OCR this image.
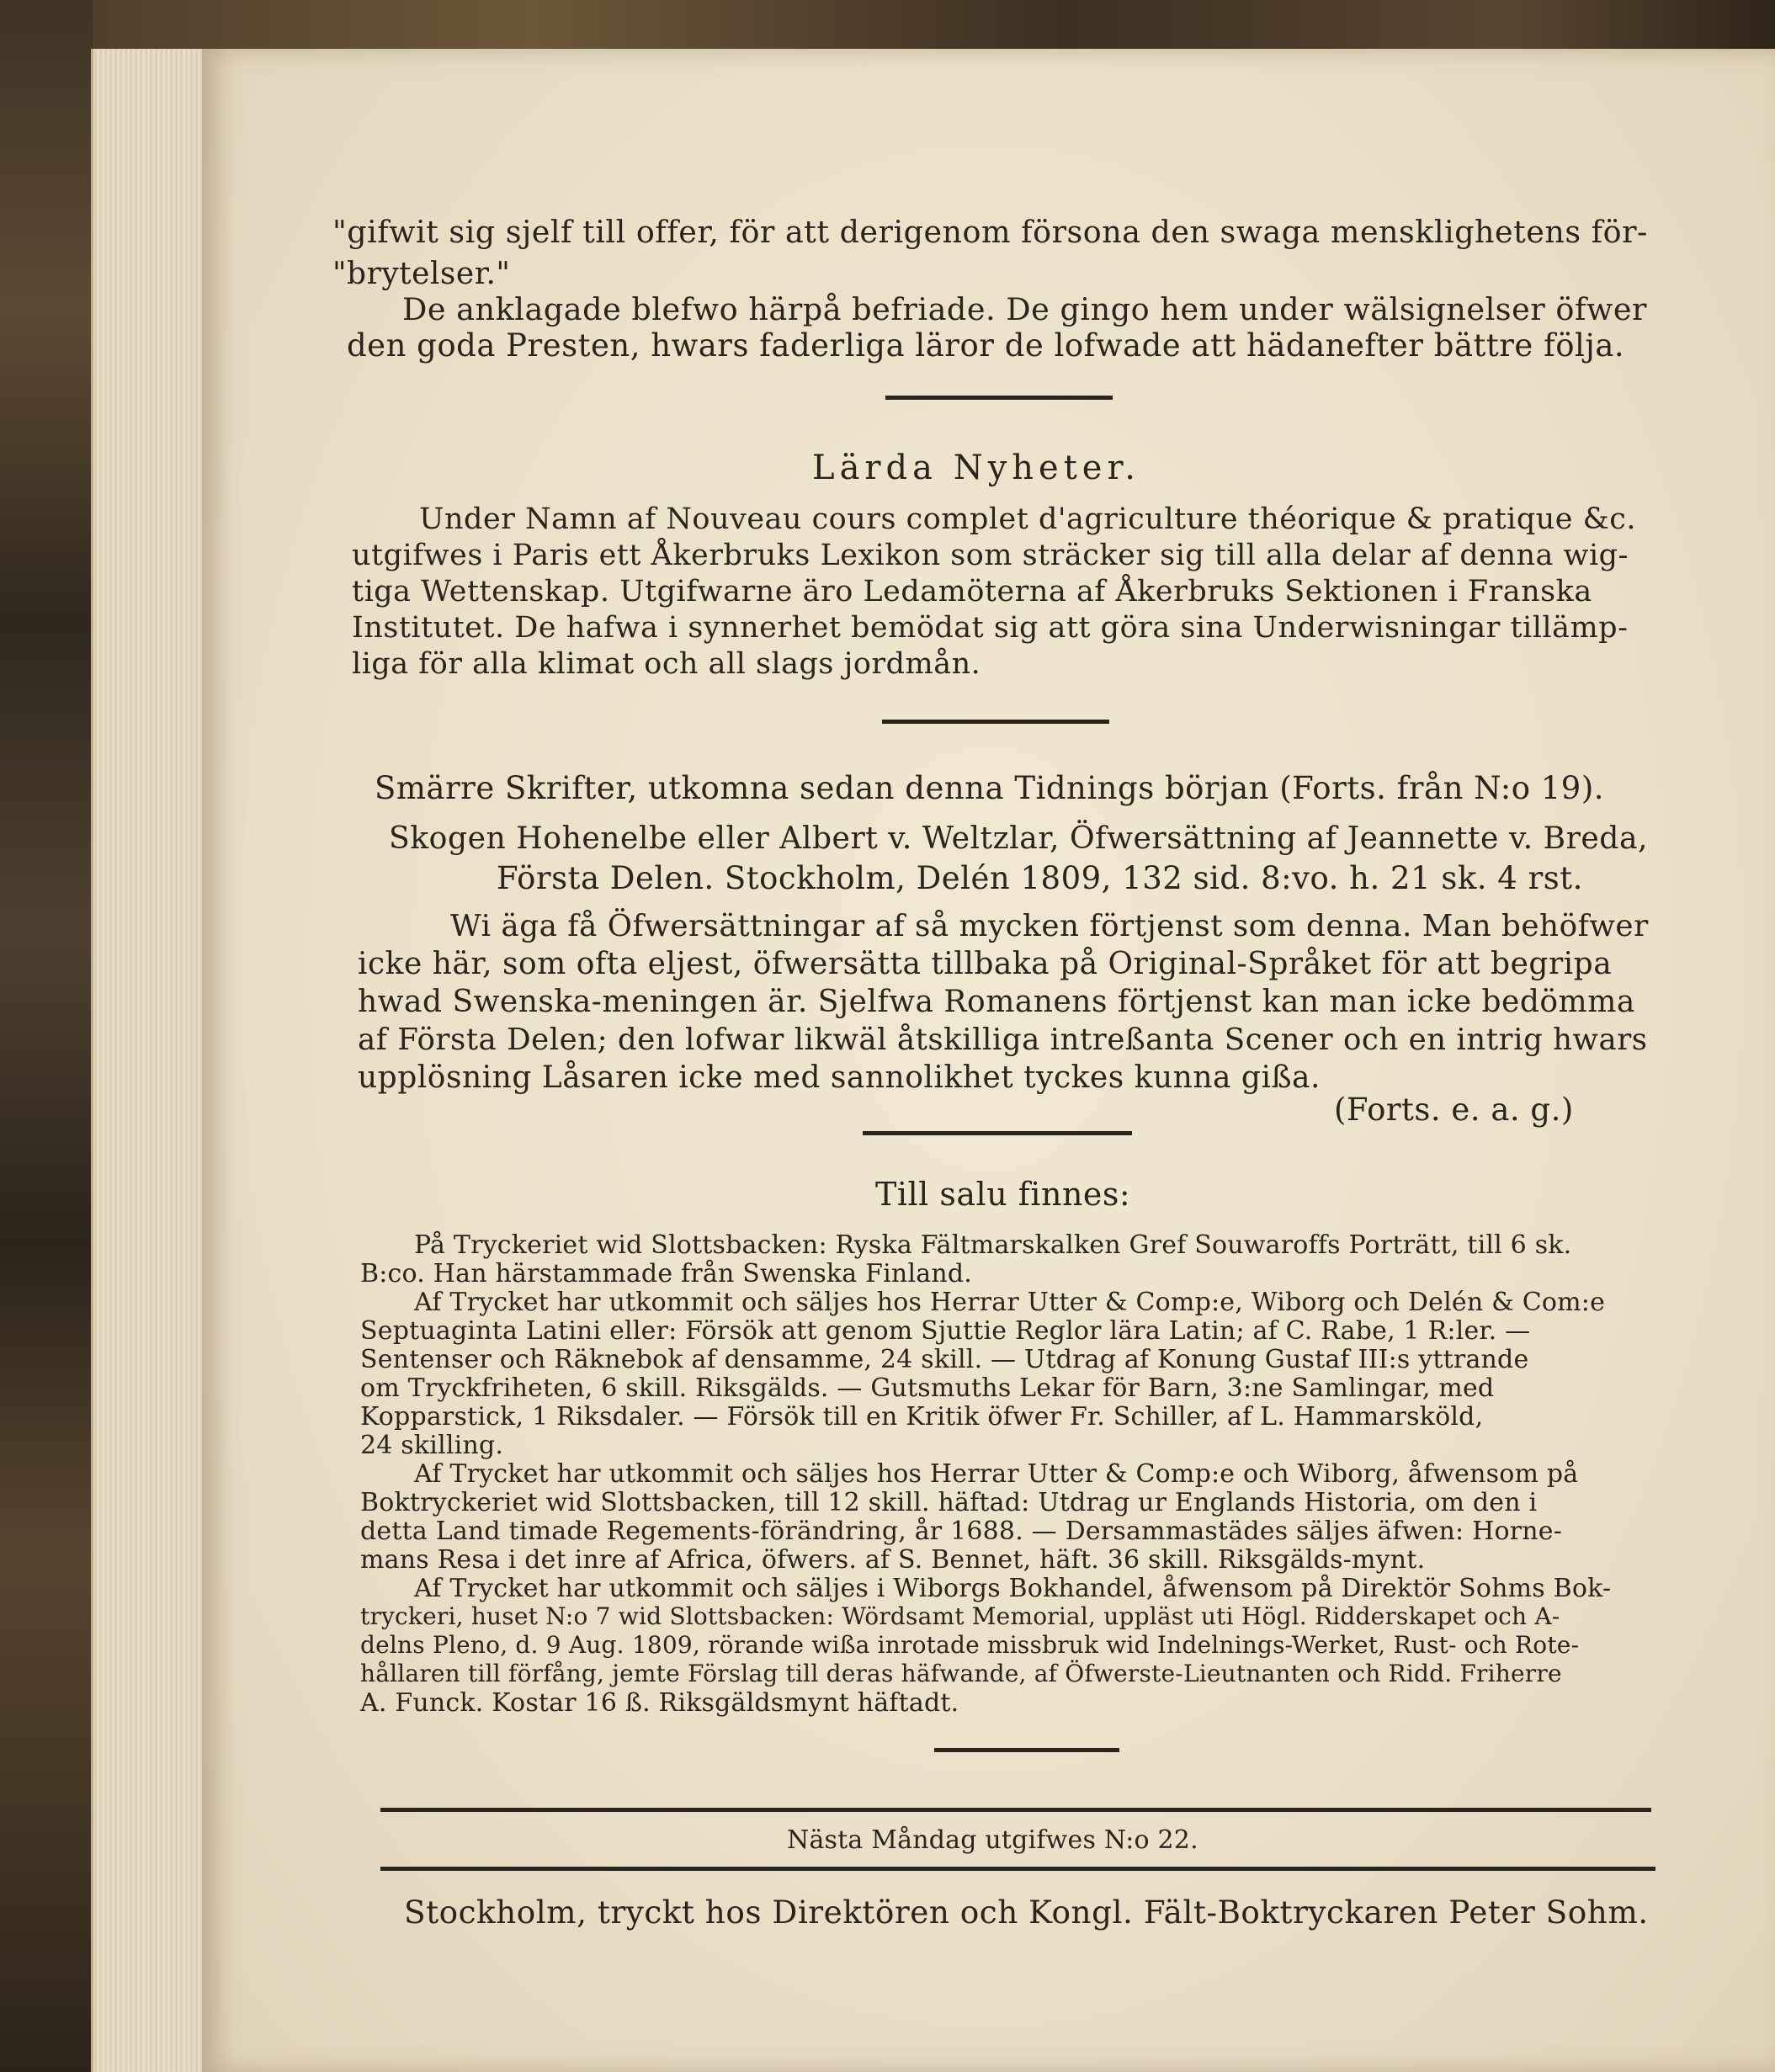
"gifwit sig sjelf till offer, för att derigenom försona den swaga mensklighetens för-
"brytelser."
De anklagade blefwo härpå befriade. De gingo hem under wälsignelser öfwer
den goda Presten, hwars faderliga läror de lofwade att hädanefter bättre följa.
Lärda Nyheter.
Under Namn af Nouveau cours complet d'agriculture théorique & pratique &c.
utgifwes i Paris ett Åkerbruks Lexikon som sträcker sig till alla delar af denna wig-
tiga Wettenskap. Utgifwarne äro Ledamöterna af Åkerbruks Sektionen i Franska
Institutet. De hafwa i synnerhet bemödat sig att göra sina Underwisningar tillämp-
liga för alla klimat och all slags jordmån.
Smärre Skrifter, utkomna sedan denna Tidnings början (Forts. från N:o 19).
Skogen Hohenelbe eller Albert v. Weltzlar, Öfwersättning af Jeannette v. Breda,
Första Delen. Stockholm, Delén 1809, 132 sid. 8:vo. h. 21 sk. 4 rst.
Wi äga få Öfwersättningar af så mycken förtjenst som denna. Man behöfwer
icke här, som ofta eljest, öfwersätta tillbaka på Original-Språket för att begripa
hwad Swenska-meningen är. Sjelfwa Romanens förtjenst kan man icke bedömma
af Första Delen; den lofwar likwäl åtskilliga intreßanta Scener och en intrig hwars
upplösning Låsaren icke med sannolikhet tyckes kunna gißa.
(Forts. e. a. g.)
Till salu finnes:
På Tryckeriet wid Slottsbacken: Ryska Fältmarskalken Gref Souwaroffs Porträtt, till 6 sk.
B:co. Han härstammade från Swenska Finland.
Af Trycket har utkommit och säljes hos Herrar Utter & Comp:e, Wiborg och Delén & Com:e
Septuaginta Latini eller: Försök att genom Sjuttie Reglor lära Latin; af C. Rabe, 1 R:ler. —
Sentenser och Räknebok af densamme, 24 skill. — Utdrag af Konung Gustaf III:s yttrande
om Tryckfriheten, 6 skill. Riksgälds. — Gutsmuths Lekar för Barn, 3:ne Samlingar, med
Kopparstick, 1 Riksdaler. — Försök till en Kritik öfwer Fr. Schiller, af L. Hammarsköld,
24 skilling.
Af Trycket har utkommit och säljes hos Herrar Utter & Comp:e och Wiborg, åfwensom på
Boktryckeriet wid Slottsbacken, till 12 skill. häftad: Utdrag ur Englands Historia, om den i
detta Land timade Regements-förändring, år 1688. — Dersammastädes säljes äfwen: Horne-
mans Resa i det inre af Africa, öfwers. af S. Bennet, häft. 36 skill. Riksgälds-mynt.
Af Trycket har utkommit och säljes i Wiborgs Bokhandel, åfwensom på Direktör Sohms Bok-
tryckeri, huset N:o 7 wid Slottsbacken: Wördsamt Memorial, uppläst uti Högl. Ridderskapet och A-
delns Pleno, d. 9 Aug. 1809, rörande wißa inrotade missbruk wid Indelnings-Werket, Rust- och Rote-
hållaren till förfång, jemte Förslag till deras häfwande, af Öfwerste-Lieutnanten och Ridd. Friherre
A. Funck. Kostar 16 ß. Riksgäldsmynt häftadt.
Nästa Måndag utgifwes N:o 22.
Stockholm, tryckt hos Direktören och Kongl. Fält-Boktryckaren Peter Sohm.
